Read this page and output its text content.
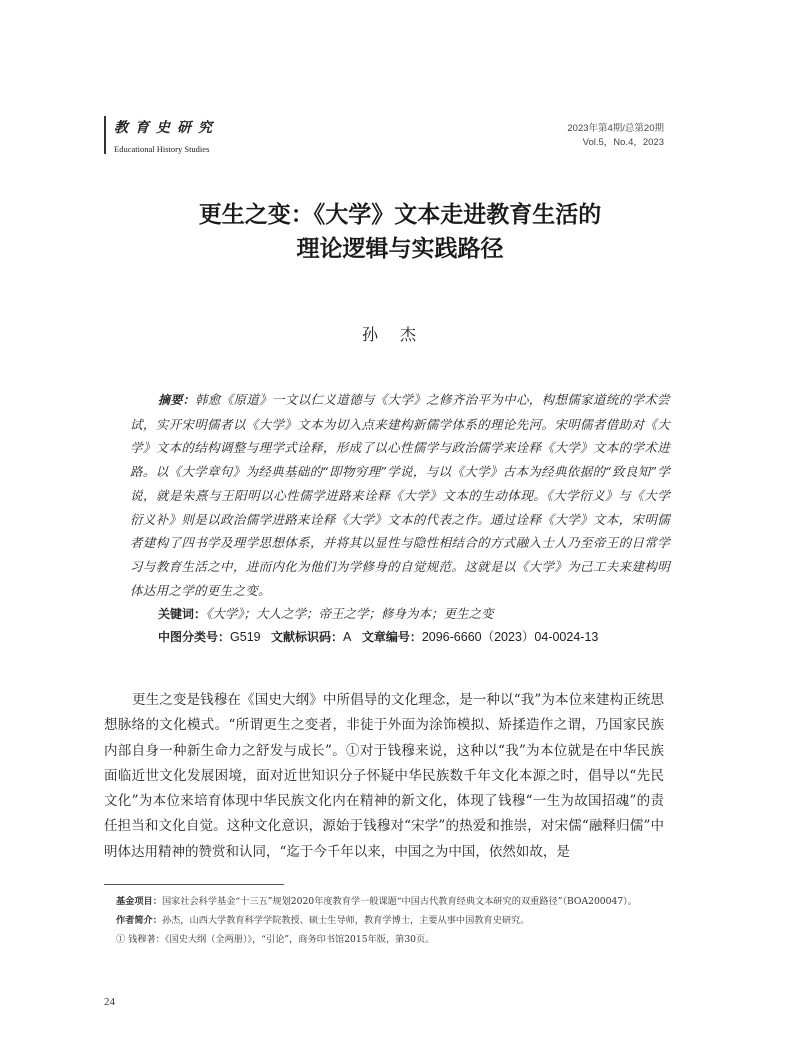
教育史研究
Educational History Studies
2023年第4期/总第20期
Vol.5，No.4，2023
更生之变：《大学》文本走进教育生活的
理论逻辑与实践路径
孙杰
摘要：韩愈《原道》一文以仁义道德与《大学》之修齐治平为中心，构想儒家道统的学术尝试，实开宋明儒者以《大学》文本为切入点来建构新儒学体系的理论先河。宋明儒者借助对《大学》文本的结构调整与理学式诠释，形成了以心性儒学与政治儒学来诠释《大学》文本的学术进路。以《大学章句》为经典基础的“即物穷理”学说，与以《大学》古本为经典依据的“致良知”学说，就是朱熹与王阳明以心性儒学进路来诠释《大学》文本的生动体现。《大学衍义》与《大学衍义补》则是以政治儒学进路来诠释《大学》文本的代表之作。通过诠释《大学》文本，宋明儒者建构了四书学及理学思想体系，并将其以显性与隐性相结合的方式融入士人乃至帝王的日常学习与教育生活之中，进而内化为他们为学修身的自觉规范。这就是以《大学》为己工夫来建构明体达用之学的更生之变。
关键词：《大学》；大人之学；帝王之学；修身为本；更生之变
中图分类号：G519 文献标识码：A 文章编号：2096-6660（2023）04-0024-13
更生之变是钱穆在《国史大纲》中所倡导的文化理念，是一种以“我”为本位来建构正统思想脉络的文化模式。“所谓更生之变者，非徒于外面为涂饰模拟、矫揉造作之谓，乃国家民族内部自身一种新生命力之舒发与成长”。①对于钱穆来说，这种以“我”为本位就是在中华民族面临近世文化发展困境，面对近世知识分子怀疑中华民族数千年文化本源之时，倡导以“先民文化”为本位来培育体现中华民族文化内在精神的新文化，体现了钱穆“一生为故国招魂”的责任担当和文化自觉。这种文化意识，源始于钱穆对“宋学”的热爱和推崇，对宋儒“融释归儒”中明体达用精神的赞赏和认同，“迄于今千年以来，中国之为中国，依然如故，是

基金项目：国家社会科学基金“十三五”规划2020年度教育学一般课题“中国古代教育经典文本研究的双重路径”（BOA200047）。

作者简介：孙杰，山西大学教育科学学院教授、硕士生导师，教育学博士，主要从事中国教育史研究。

① 钱穆著：《国史大纲（全两册）》，“引论”，商务印书馆2015年版，第30页。

24
